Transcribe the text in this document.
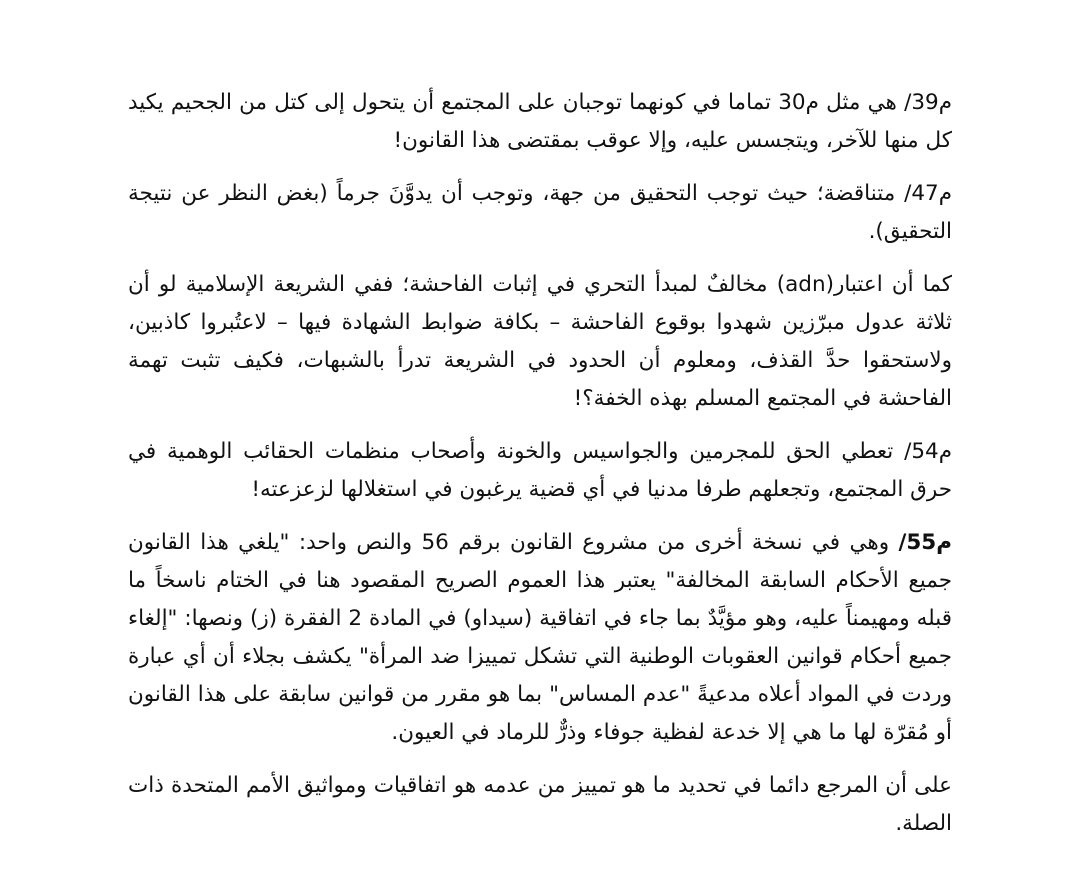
م39/ هي مثل م30 تماما في كونهما توجبان على المجتمع أن يتحول إلى كتل من الجحيم يكيد كل منها للآخر، ويتجسس عليه، وإلا عوقب بمقتضى هذا القانون!

م47/ متناقضة؛ حيث توجب التحقيق من جهة، وتوجب أن يدوَّنَ جرماً (بغض النظر عن نتيجة التحقيق).

كما أن اعتبار(adn) مخالفٌ لمبدأ التحري في إثبات الفاحشة؛ ففي الشريعة الإسلامية لو أن ثلاثة عدول مبرّزين شهدوا بوقوع الفاحشة – بكافة ضوابط الشهادة فيها – لاعتُبروا كاذبين، ولاستحقوا حدَّ القذف، ومعلوم أن الحدود في الشريعة تدرأ بالشبهات، فكيف تثبت تهمة الفاحشة في المجتمع المسلم بهذه الخفة؟!

م54/ تعطي الحق للمجرمين والجواسيس والخونة وأصحاب منظمات الحقائب الوهمية في حرق المجتمع، وتجعلهم طرفا مدنيا في أي قضية يرغبون في استغلالها لزعزعته!

م55/ وهي في نسخة أخرى من مشروع القانون برقم 56 والنص واحد: "يلغي هذا القانون جميع الأحكام السابقة المخالفة" يعتبر هذا العموم الصريح المقصود هنا في الختام ناسخاً ما قبله ومهيمناً عليه، وهو مؤيَّدٌ بما جاء في اتفاقية (سيداو) في المادة 2 الفقرة (ز) ونصها: "إلغاء جميع أحكام قوانين العقوبات الوطنية التي تشكل تمييزا ضد المرأة" يكشف بجلاء أن أي عبارة وردت في المواد أعلاه مدعيةً "عدم المساس" بما هو مقرر من قوانين سابقة على هذا القانون أو مُقرّة لها ما هي إلا خدعة لفظية جوفاء وذرٌّ للرماد في العيون.

على أن المرجع دائما في تحديد ما هو تمييز من عدمه هو اتفاقيات ومواثيق الأمم المتحدة ذات الصلة.
